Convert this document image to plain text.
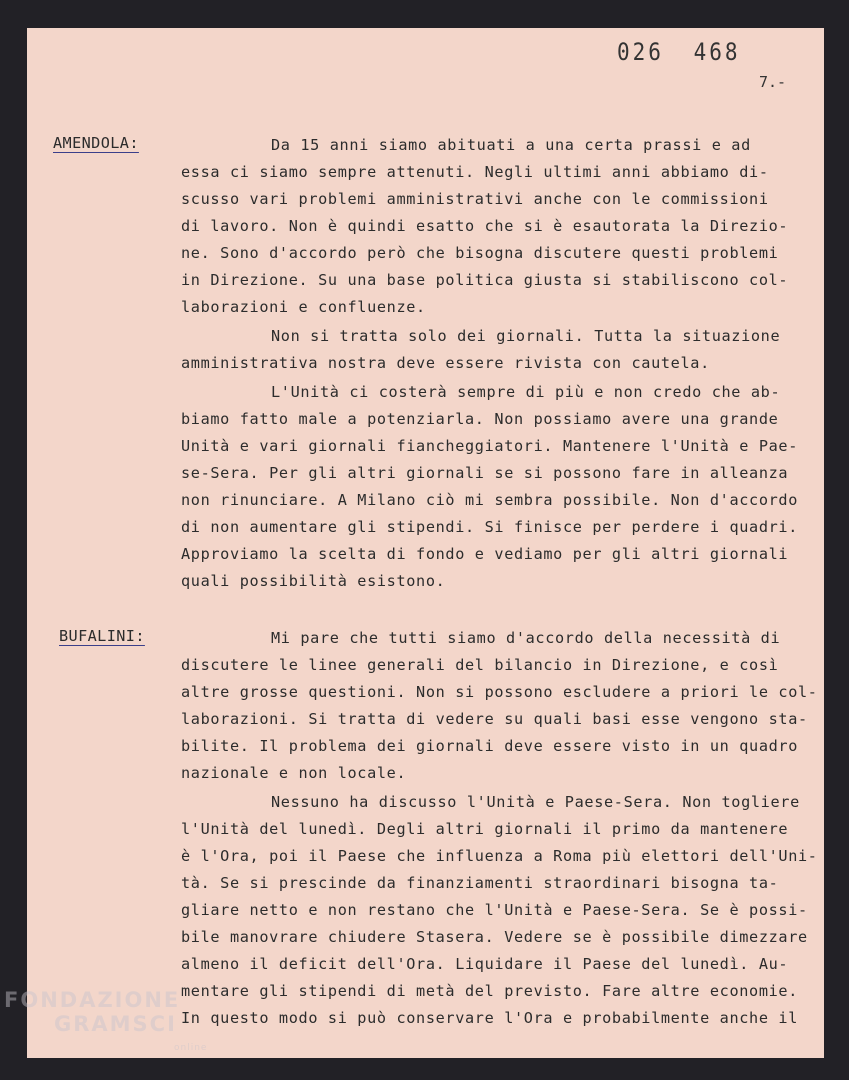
026 468
7.-
AMENDOLA:	Da 15 anni siamo abituati a una certa prassi e ad
essa ci siamo sempre attenuti. Negli ultimi anni abbiamo di-
scusso vari problemi amministrativi anche con le commissioni
di lavoro. Non è quindi esatto che si è esautorata la Direzio-
ne. Sono d'accordo però che bisogna discutere questi problemi
in Direzione. Su una base politica giusta si stabiliscono col-
laborazioni e confluenze.
Non si tratta solo dei giornali. Tutta la situazione
amministrativa nostra deve essere rivista con cautela.
L'Unità ci costerà sempre di più e non credo che ab-
biamo fatto male a potenziarla. Non possiamo avere una grande
Unità e vari giornali fiancheggiatori. Mantenere l'Unità e Pae-
se-Sera. Per gli altri giornali se si possono fare in alleanza
non rinunciare. A Milano ciò mi sembra possibile. Non d'accordo
di non aumentare gli stipendi. Si finisce per perdere i quadri.
Approviamo la scelta di fondo e vediamo per gli altri giornali
quali possibilità esistono.
BUFALINI:	Mi pare che tutti siamo d'accordo della necessità di
discutere le linee generali del bilancio in Direzione, e così
altre grosse questioni. Non si possono escludere a priori le col-
laborazioni. Si tratta di vedere su quali basi esse vengono sta-
bilite. Il problema dei giornali deve essere visto in un quadro
nazionale e non locale.
Nessuno ha discusso l'Unità e Paese-Sera. Non togliere
l'Unità del lunedì. Degli altri giornali il primo da mantenere
è l'Ora, poi il Paese che influenza a Roma più elettori dell'Uni-
tà. Se si prescinde da finanziamenti straordinari bisogna ta-
gliare netto e non restano che l'Unità e Paese-Sera. Se è possi-
bile manovrare chiudere Stasera. Vedere se è possibile dimezzare
almeno il deficit dell'Ora. Liquidare il Paese del lunedì. Au-
mentare gli stipendi di metà del previsto. Fare altre economie.
In questo modo si può conservare l'Ora e probabilmente anche il
FONDAZIONE
GRAMSCI
online
